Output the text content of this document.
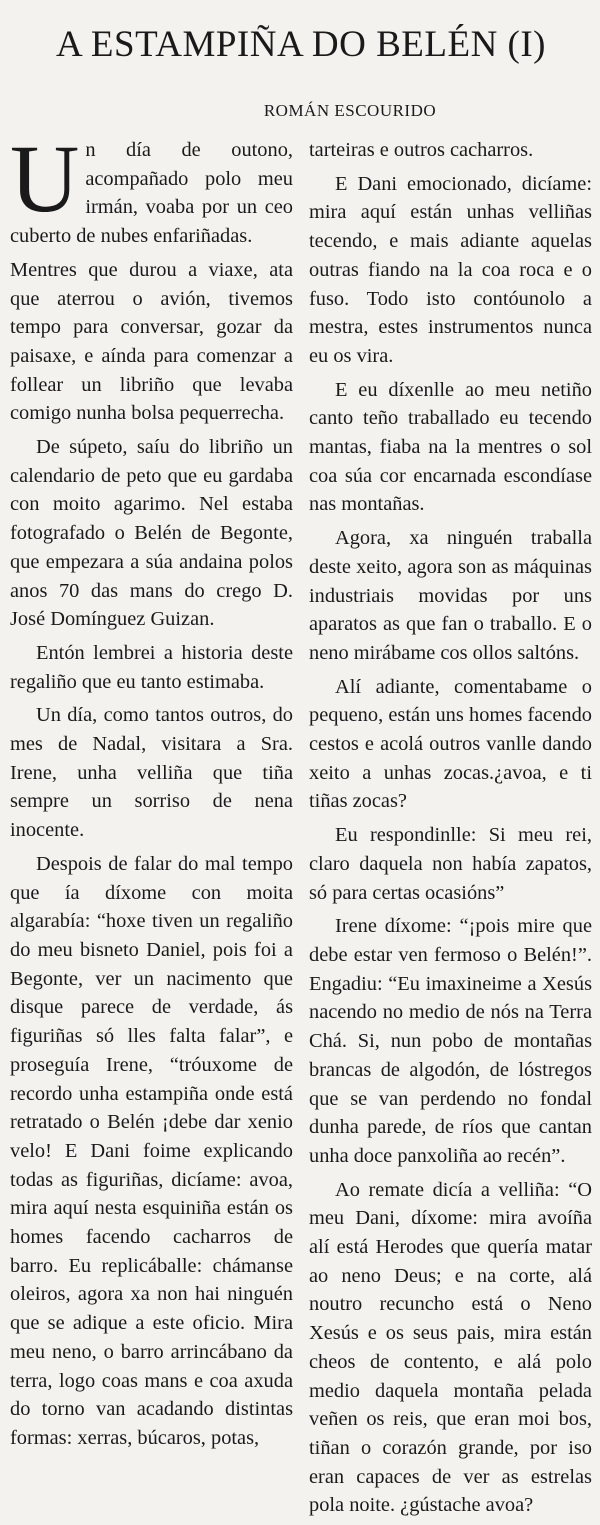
A ESTAMPIÑA DO BELÉN (I)
ROMÁN ESCOURIDO

Un día de outono, acompañado polo meu irmán, voaba por un ceo cuberto de nubes enfariñadas.

Mentres que durou a viaxe, ata que aterrou o avión, tivemos tempo para conversar, gozar da paisaxe, e aínda para comenzar a follear un libriño que levaba comigo nunha bolsa pequerrecha.

De súpeto, saíu do libriño un calendario de peto que eu gardaba con moito agarimo. Nel estaba fotografado o Belén de Begonte, que empezara a súa andaina polos anos 70 das mans do crego D. José Domínguez Guizan.

Entón lembrei a historia deste regaliño que eu tanto estimaba.

Un día, como tantos outros, do mes de Nadal, visitara a Sra. Irene, unha velliña que tiña sempre un sorriso de nena inocente.

Despois de falar do mal tempo que ía díxome con moita algarabía: “hoxe tiven un regaliño do meu bisneto Daniel, pois foi a Begonte, ver un nacimento que disque parece de verdade, ás figuriñas só lles falta falar”, e proseguía Irene, “tróuxome de recordo unha estampiña onde está retratado o Belén ¡debe dar xenio velo! E Dani foime explicando todas as figuriñas, dicíame: avoa, mira aquí nesta esquiniña están os homes facendo cacharros de barro. Eu replicáballe: chámanse oleiros, agora xa non hai ninguén que se adique a este oficio. Mira meu neno, o barro arrincábano da terra, logo coas mans e coa axuda do torno van acadando distintas formas: xerras, búcaros, potas,

tarteiras e outros cacharros.

E Dani emocionado, dicíame: mira aquí están unhas velliñas tecendo, e mais adiante aquelas outras fiando na la coa roca e o fuso. Todo isto contóunolo a mestra, estes instrumentos nunca eu os vira.

E eu díxenlle ao meu netiño canto teño traballado eu tecendo mantas, fiaba na la mentres o sol coa súa cor encarnada escondíase nas montañas.

Agora, xa ninguén traballa deste xeito, agora son as máquinas industriais movidas por uns aparatos as que fan o traballo. E o neno mirábame cos ollos saltóns.

Alí adiante, comentabame o pequeno, están uns homes facendo cestos e acolá outros vanlle dando xeito a unhas zocas.¿avoa, e ti tiñas zocas?

Eu respondinlle: Si meu rei, claro daquela non había zapatos, só para certas ocasións”

Irene díxome: “¡pois mire que debe estar ven fermoso o Belén!”. Engadiu: “Eu imaxineime a Xesús nacendo no medio de nós na Terra Chá. Si, nun pobo de montañas brancas de algodón, de lóstregos que se van perdendo no fondal dunha parede, de ríos que cantan unha doce panxoliña ao recén”.

Ao remate dicía a velliña: “O meu Dani, díxome: mira avoíña alí está Herodes que quería matar ao neno Deus; e na corte, alá noutro recuncho está o Neno Xesús e os seus pais, mira están cheos de contento, e alá polo medio daquela montaña pelada veñen os reis, que eran moi bos, tiñan o corazón grande, por iso eran capaces de ver as estrelas pola noite. ¿gústache avoa?
